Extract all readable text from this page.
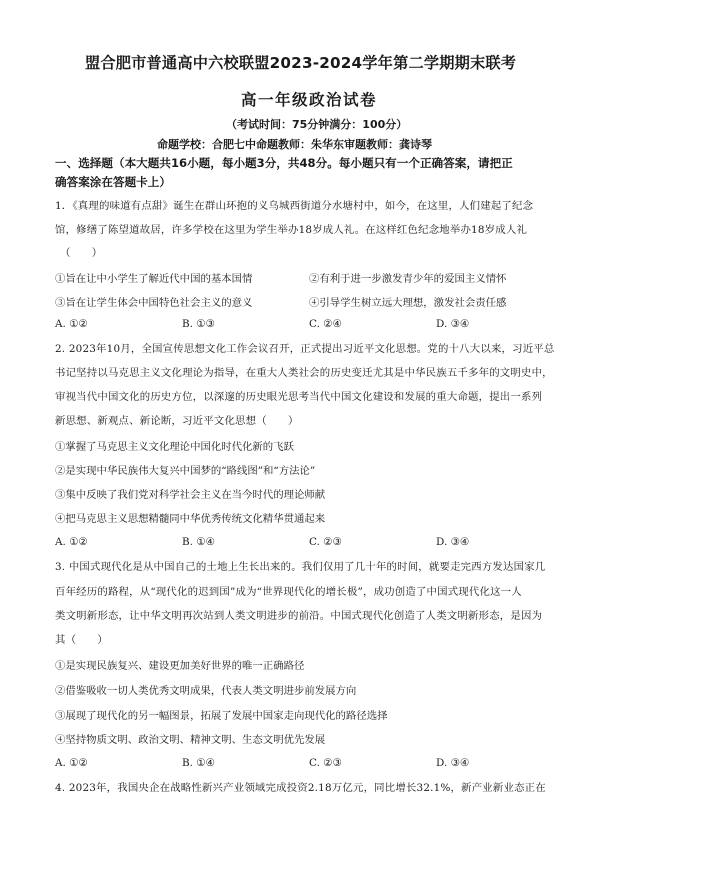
盟合肥市普通高中六校联盟2023-2024学年第二学期期末联考
高一年级政治试卷
（考试时间：75分钟满分：100分）
命题学校：合肥七中命题教师：朱华东审题教师：龚诗琴
一、选择题（本大题共16小题，每小题3分，共48分。每小题只有一个正确答案，请把正
确答案涂在答题卡上）
1．《真理的味道有点甜》诞生在群山环抱的义乌城西街道分水塘村中，如今，在这里，人们建起了纪念
馆，修缮了陈望道故居，许多学校在这里为学生举办18岁成人礼。在这样红色纪念地举办18岁成人礼
（　　）
①旨在让中小学生了解近代中国的基本国情	②有利于进一步激发青少年的爱国主义情怀
③旨在让学生体会中国特色社会主义的意义	④引导学生树立远大理想，激发社会责任感
A. ①②	B. ①③	C. ②④	D. ③④
2. 2023年10月，全国宣传思想文化工作会议召开，正式提出习近平文化思想。党的十八大以来，习近平总
书记坚持以马克思主义文化理论为指导，在重大人类社会的历史变迁尤其是中华民族五千多年的文明史中，
审视当代中国文化的历史方位，以深邃的历史眼光思考当代中国文化建设和发展的重大命题，提出一系列
新思想、新观点、新论断，习近平文化思想（　　）
①掌握了马克思主义文化理论中国化时代化新的飞跃
②是实现中华民族伟大复兴中国梦的“路线图”和“方法论”
③集中反映了我们党对科学社会主义在当今时代的理论师献
④把马克思主义思想精髓同中华优秀传统文化精华贯通起来
A. ①②	B. ①④	C. ②③	D. ③④
3. 中国式现代化是从中国自己的土地上生长出来的。我们仅用了几十年的时间，就要走完西方发达国家几
百年经历的路程，从“现代化的迟到国”成为“世界现代化的增长极”，成功创造了中国式现代化这一人
类文明新形态，让中华文明再次站到人类文明进步的前沿。中国式现代化创造了人类文明新形态，是因为
其（　　）
①是实现民族复兴、建设更加美好世界的唯一正确路径
②借鉴吸收一切人类优秀文明成果，代表人类文明进步前发展方向
③展现了现代化的另一幅图景，拓展了发展中国家走向现代化的路径选择
④坚持物质文明、政治文明、精神文明、生态文明优先发展
A. ①②	B. ①④	C. ②③	D. ③④
4. 2023年，我国央企在战略性新兴产业领域完成投资2.18万亿元，同比增长32.1%，新产业新业态正在
